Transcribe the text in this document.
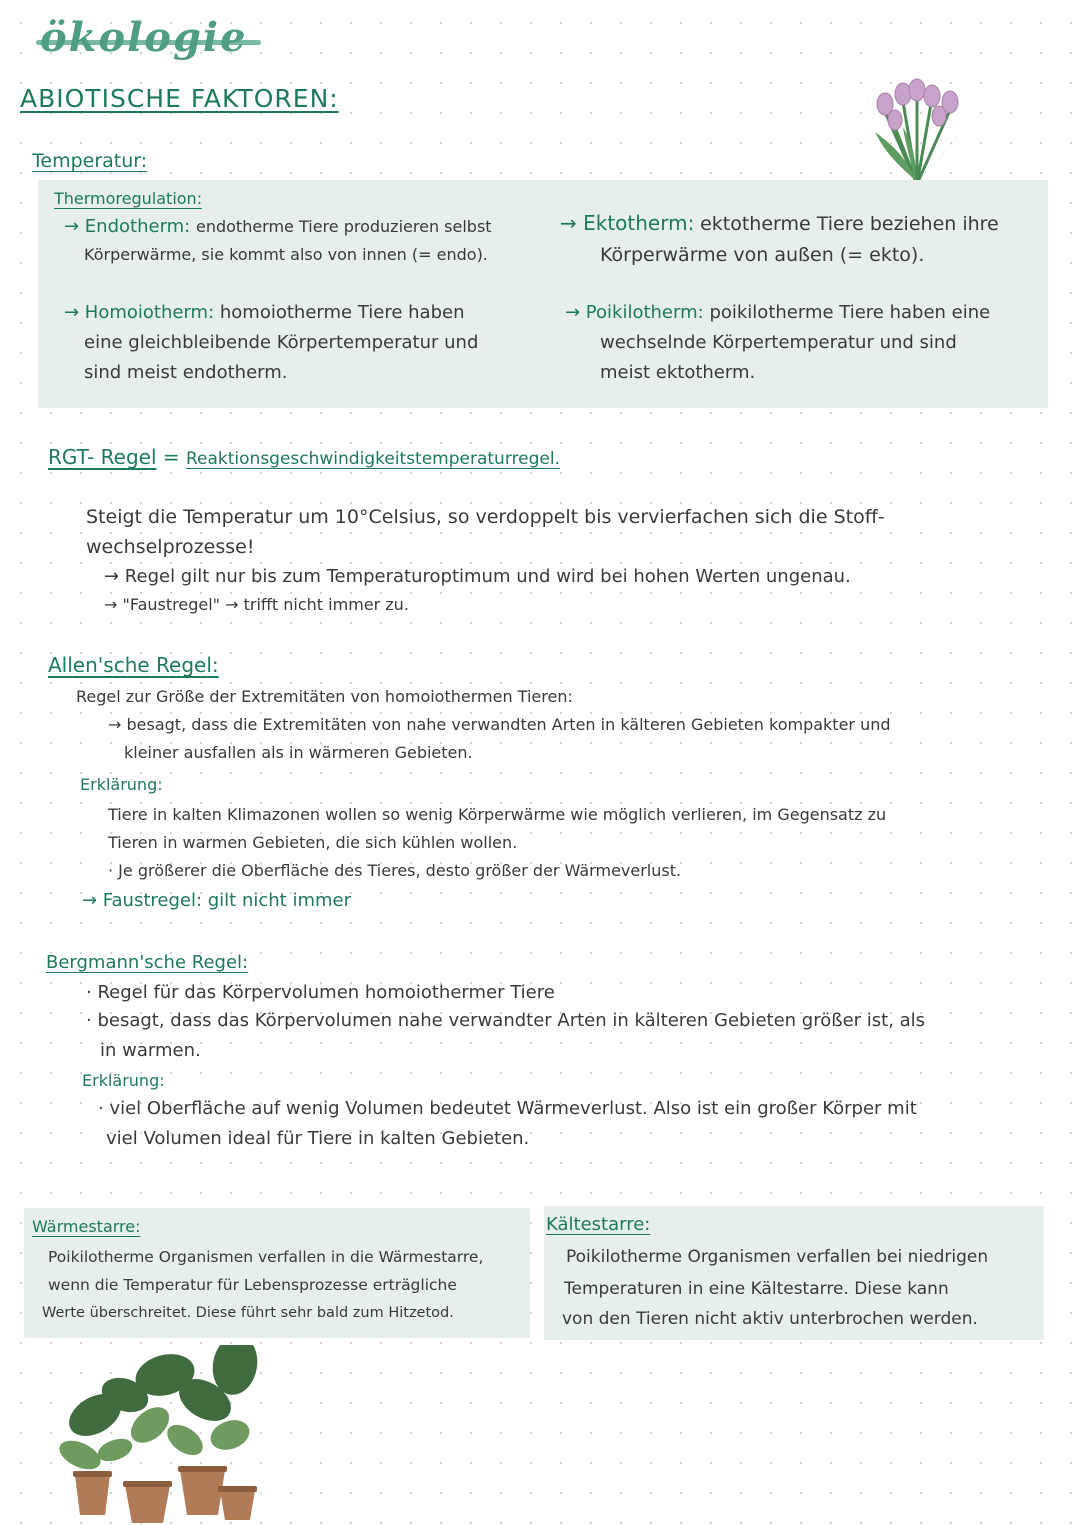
ökologie
ABIOTISCHE FAKTOREN:
Temperatur:
Thermoregulation:
→ Endotherm: endotherme Tiere produzieren selbst
Körperwärme, sie kommt also von innen (= endo).
→ Ektotherm: ektotherme Tiere beziehen ihre
Körperwärme von außen (= ekto).
→ Homoiotherm: homoiotherme Tiere haben
eine gleichbleibende Körpertemperatur und
sind meist endotherm.
→ Poikilotherm: poikilotherme Tiere haben eine
wechselnde Körpertemperatur und sind
meist ektotherm.
RGT- Regel = Reaktionsgeschwindigkeitstemperaturregel.
Steigt die Temperatur um 10°Celsius, so verdoppelt bis vervierfachen sich die Stoff-
wechselprozesse!
→ Regel gilt nur bis zum Temperaturoptimum und wird bei hohen Werten ungenau.
→ "Faustregel" → trifft nicht immer zu.
Allen'sche Regel:
Regel zur Größe der Extremitäten von homoiothermen Tieren:
→ besagt, dass die Extremitäten von nahe verwandten Arten in kälteren Gebieten kompakter und
kleiner ausfallen als in wärmeren Gebieten.
Erklärung:
Tiere in kalten Klimazonen wollen so wenig Körperwärme wie möglich verlieren, im Gegensatz zu
Tieren in warmen Gebieten, die sich kühlen wollen.
· Je größerer die Oberfläche des Tieres, desto größer der Wärmeverlust.
→ Faustregel: gilt nicht immer
Bergmann'sche Regel:
· Regel für das Körpervolumen homoiothermer Tiere
· besagt, dass das Körpervolumen nahe verwandter Arten in kälteren Gebieten größer ist, als
in warmen.
Erklärung:
· viel Oberfläche auf wenig Volumen bedeutet Wärmeverlust. Also ist ein großer Körper mit
viel Volumen ideal für Tiere in kalten Gebieten.
Wärmestarre:
Poikilotherme Organismen verfallen in die Wärmestarre,
wenn die Temperatur für Lebensprozesse erträgliche
Werte überschreitet. Diese führt sehr bald zum Hitzetod.
Kältestarre:
Poikilotherme Organismen verfallen bei niedrigen
Temperaturen in eine Kältestarre. Diese kann
von den Tieren nicht aktiv unterbrochen werden.
